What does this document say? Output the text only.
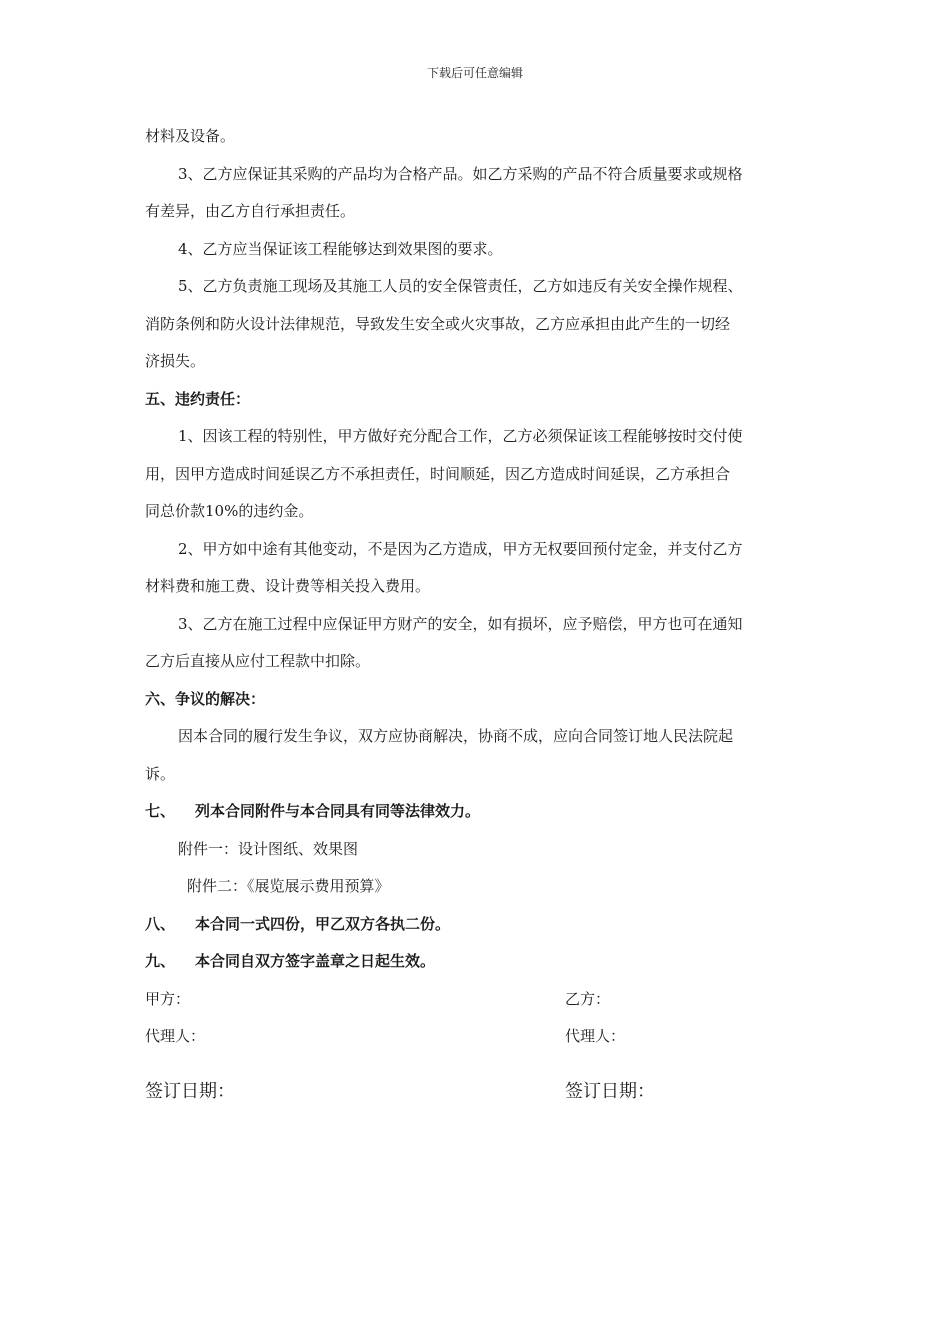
下载后可任意编辑
材料及设备。
3、乙方应保证其采购的产品均为合格产品。如乙方采购的产品不符合质量要求或规格
有差异，由乙方自行承担责任。
4、乙方应当保证该工程能够达到效果图的要求。
5、乙方负责施工现场及其施工人员的安全保管责任，乙方如违反有关安全操作规程、
消防条例和防火设计法律规范，导致发生安全或火灾事故，乙方应承担由此产生的一切经
济损失。
五、违约责任：
1、因该工程的特别性，甲方做好充分配合工作，乙方必须保证该工程能够按时交付使
用，因甲方造成时间延误乙方不承担责任，时间顺延，因乙方造成时间延误，乙方承担合
同总价款10%的违约金。
2、甲方如中途有其他变动，不是因为乙方造成，甲方无权要回预付定金，并支付乙方
材料费和施工费、设计费等相关投入费用。
3、乙方在施工过程中应保证甲方财产的安全，如有损坏，应予赔偿，甲方也可在通知
乙方后直接从应付工程款中扣除。
六、争议的解决：
因本合同的履行发生争议，双方应协商解决，协商不成，应向合同签订地人民法院起
诉。
七、 列本合同附件与本合同具有同等法律效力。
附件一：设计图纸、效果图
附件二：《展览展示费用预算》
八、 本合同一式四份，甲乙双方各执二份。
九、 本合同自双方签字盖章之日起生效。
甲方：	乙方：
代理人：	代理人：
签订日期：	签订日期：
